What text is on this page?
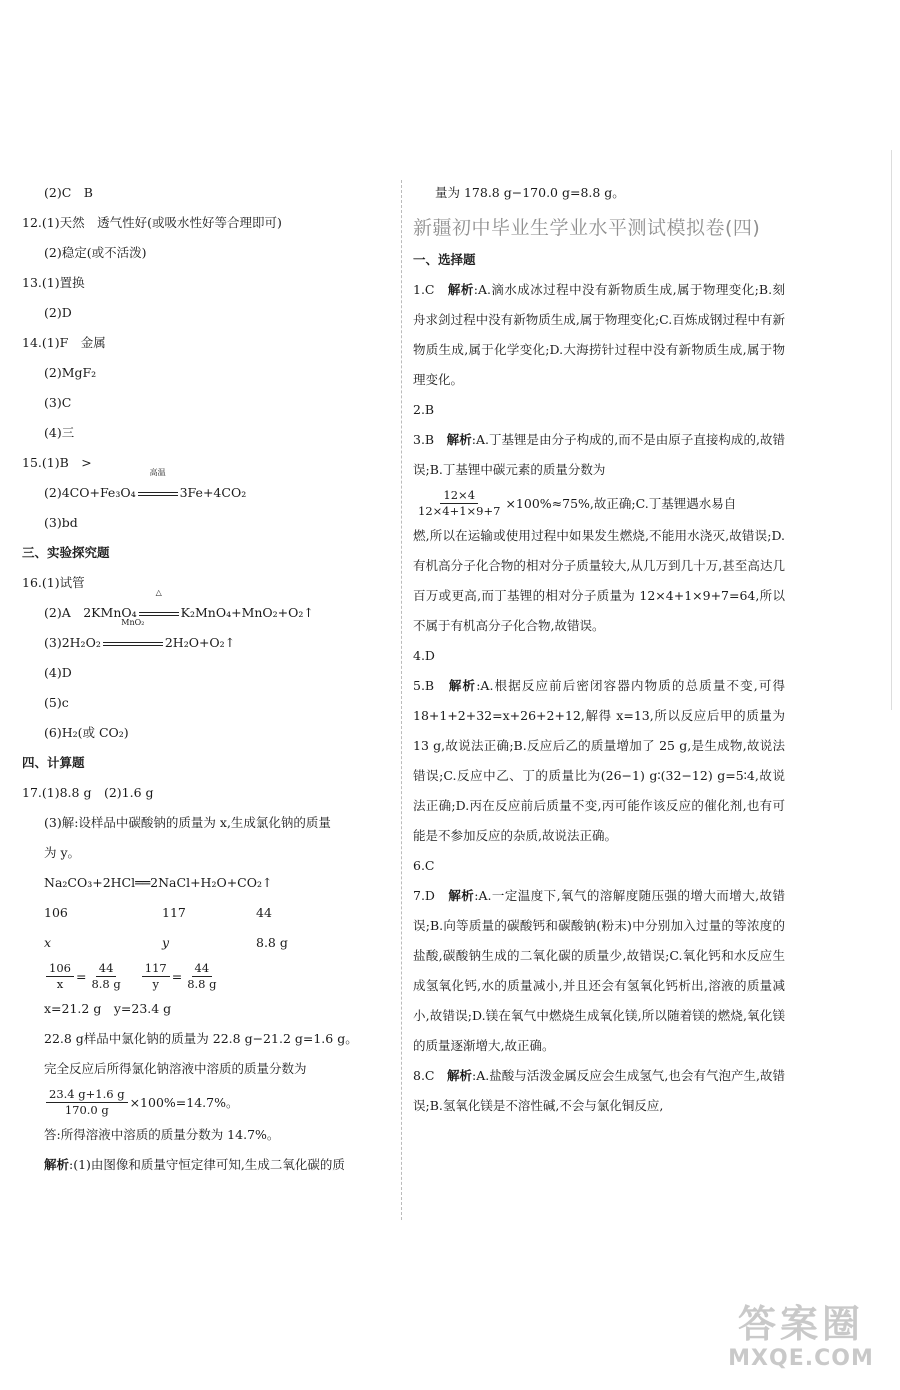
(2)C　B
12.(1)天然　透气性好(或吸水性好等合理即可)
(2)稳定(或不活泼)
13.(1)置换
(2)D
14.(1)F　金属
(2)MgF₂
(3)C
(4)三
15.(1)B　>
(2)4CO+Fe₃O₄
高温
3Fe+4CO₂
(3)bd
三、实验探究题
16.(1)试管
(2)A　2KMnO₄
△
K₂MnO₄+MnO₂+O₂↑
(3)2H₂O₂
MnO₂
2H₂O+O₂↑
(4)D
(5)c
(6)H₂(或 CO₂)
四、计算题
17.(1)8.8 g　(2)1.6 g
(3)解:设样品中碳酸钠的质量为 x,生成氯化钠的质量
为 y。
Na₂CO₃+2HCl══2NaCl+H₂O+CO₂↑
106	117	44
x	y	8.8 g
$\frac{106}{x} = \frac{44}{8.8 g} \frac{117}{y} = \frac{44}{8.8 g}$
x=21.2 g　y=23.4 g
22.8 g样品中氯化钠的质量为 22.8 g−21.2 g=1.6 g。
完全反应后所得氯化钠溶液中溶质的质量分数为
$\frac{23.4 g+1.6 g}{170.0 g} \times 100\%=14.7\%$。
答:所得溶液中溶质的质量分数为 14.7%。
解析:(1)由图像和质量守恒定律可知,生成二氧化碳的质
量为 178.8 g−170.0 g=8.8 g。
新疆初中毕业生学业水平测试模拟卷(四)
一、选择题
1.C　解析:A.滴水成冰过程中没有新物质生成,属于物理变化;B.刻舟求剑过程中没有新物质生成,属于物理变化;C.百炼成钢过程中有新物质生成,属于化学变化;D.大海捞针过程中没有新物质生成,属于物理变化。
2.B
3.B　解析:A.丁基锂是由分子构成的,而不是由原子直接构成的,故错误;B.丁基锂中碳元素的质量分数为
$\frac{12\times 4}{12\times 4+1\times 9+7} \times 100\%\approx 75\%$,故正确;C.丁基锂遇水易自
燃,所以在运输或使用过程中如果发生燃烧,不能用水浇灭,故错误;D.有机高分子化合物的相对分子质量较大,从几万到几十万,甚至高达几百万或更高,而丁基锂的相对分子质量为 12×4+1×9+7=64,所以不属于有机高分子化合物,故错误。
4.D
5.B　解析:A.根据反应前后密闭容器内物质的总质量不变,可得 18+1+2+32=x+26+2+12,解得 x=13,所以反应后甲的质量为 13 g,故说法正确;B.反应后乙的质量增加了 25 g,是生成物,故说法错误;C.反应中乙、丁的质量比为(26−1) g∶(32−12) g=5∶4,故说法正确;D.丙在反应前后质量不变,丙可能作该反应的催化剂,也有可能是不参加反应的杂质,故说法正确。
6.C
7.D　解析:A.一定温度下,氧气的溶解度随压强的增大而增大,故错误;B.向等质量的碳酸钙和碳酸钠(粉末)中分别加入过量的等浓度的盐酸,碳酸钠生成的二氧化碳的质量少,故错误;C.氧化钙和水反应生成氢氧化钙,水的质量减小,并且还会有氢氧化钙析出,溶液的质量减小,故错误;D.镁在氧气中燃烧生成氧化镁,所以随着镁的燃烧,氧化镁的质量逐渐增大,故正确。
8.C　解析:A.盐酸与活泼金属反应会生成氢气,也会有气泡产生,故错误;B.氢氧化镁是不溶性碱,不会与氯化铜反应,
答案圈
MXQE.COM
